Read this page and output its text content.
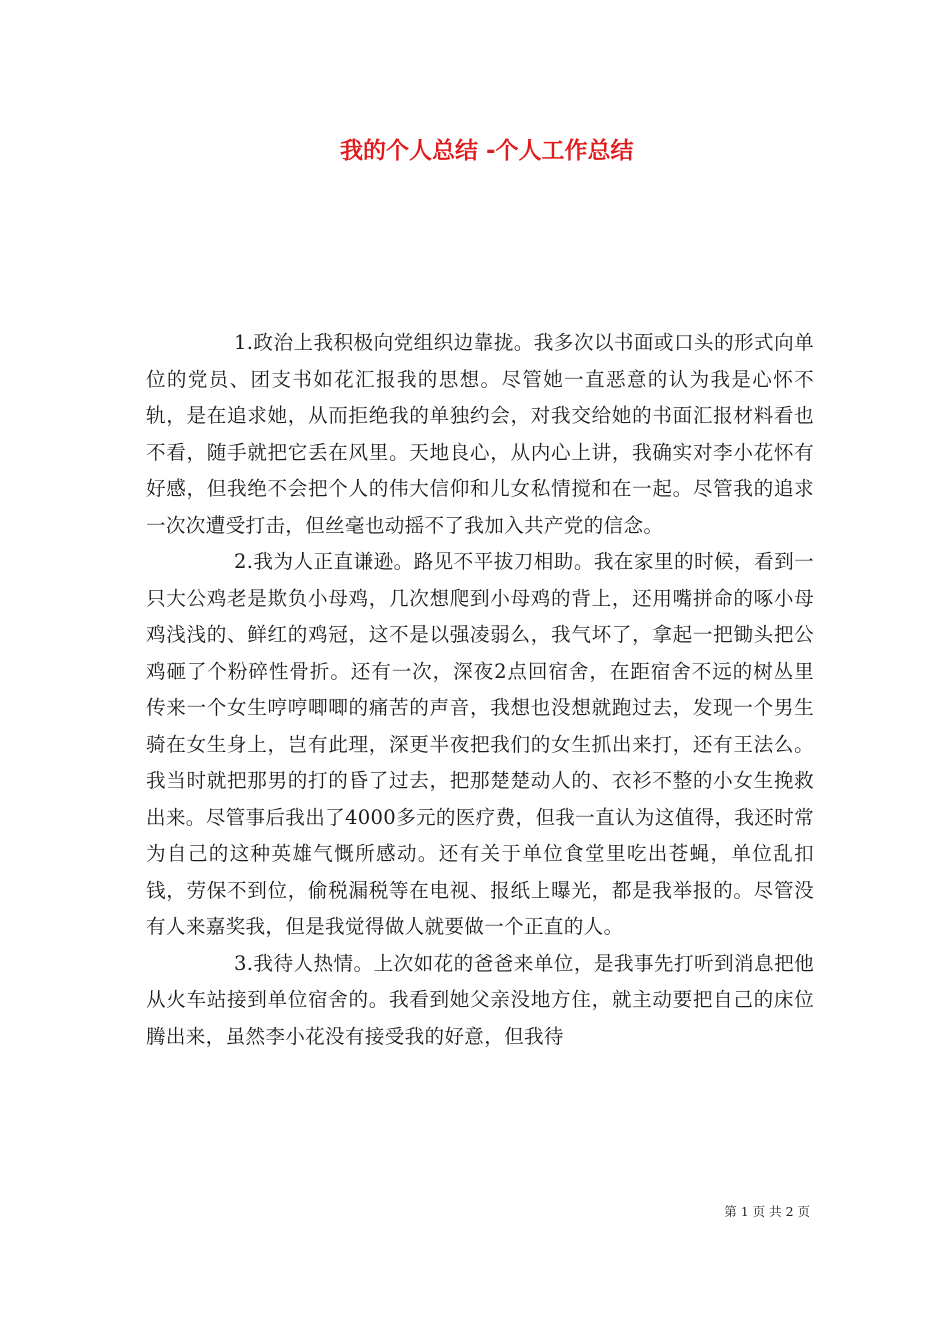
我的个人总结 -个人工作总结

1.政治上我积极向党组织边靠拢。我多次以书面或口头的形式向单位的党员、团支书如花汇报我的思想。尽管她一直恶意的认为我是心怀不轨，是在追求她，从而拒绝我的单独约会，对我交给她的书面汇报材料看也不看，随手就把它丢在风里。天地良心，从内心上讲，我确实对李小花怀有好感，但我绝不会把个人的伟大信仰和儿女私情搅和在一起。尽管我的追求一次次遭受打击，但丝毫也动摇不了我加入共产党的信念。

2.我为人正直谦逊。路见不平拔刀相助。我在家里的时候，看到一只大公鸡老是欺负小母鸡，几次想爬到小母鸡的背上，还用嘴拼命的啄小母鸡浅浅的、鲜红的鸡冠，这不是以强凌弱么，我气坏了，拿起一把锄头把公鸡砸了个粉碎性骨折。还有一次，深夜2点回宿舍，在距宿舍不远的树丛里传来一个女生哼哼唧唧的痛苦的声音，我想也没想就跑过去，发现一个男生骑在女生身上，岂有此理，深更半夜把我们的女生抓出来打，还有王法么。我当时就把那男的打的昏了过去，把那楚楚动人的、衣衫不整的小女生挽救出来。尽管事后我出了4000多元的医疗费，但我一直认为这值得，我还时常为自己的这种英雄气慨所感动。还有关于单位食堂里吃出苍蝇，单位乱扣钱，劳保不到位，偷税漏税等在电视、报纸上曝光，都是我举报的。尽管没有人来嘉奖我，但是我觉得做人就要做一个正直的人。

3.我待人热情。上次如花的爸爸来单位，是我事先打听到消息把他从火车站接到单位宿舍的。我看到她父亲没地方住，就主动要把自己的床位腾出来，虽然李小花没有接受我的好意，但我待

第 1 页 共 2 页
